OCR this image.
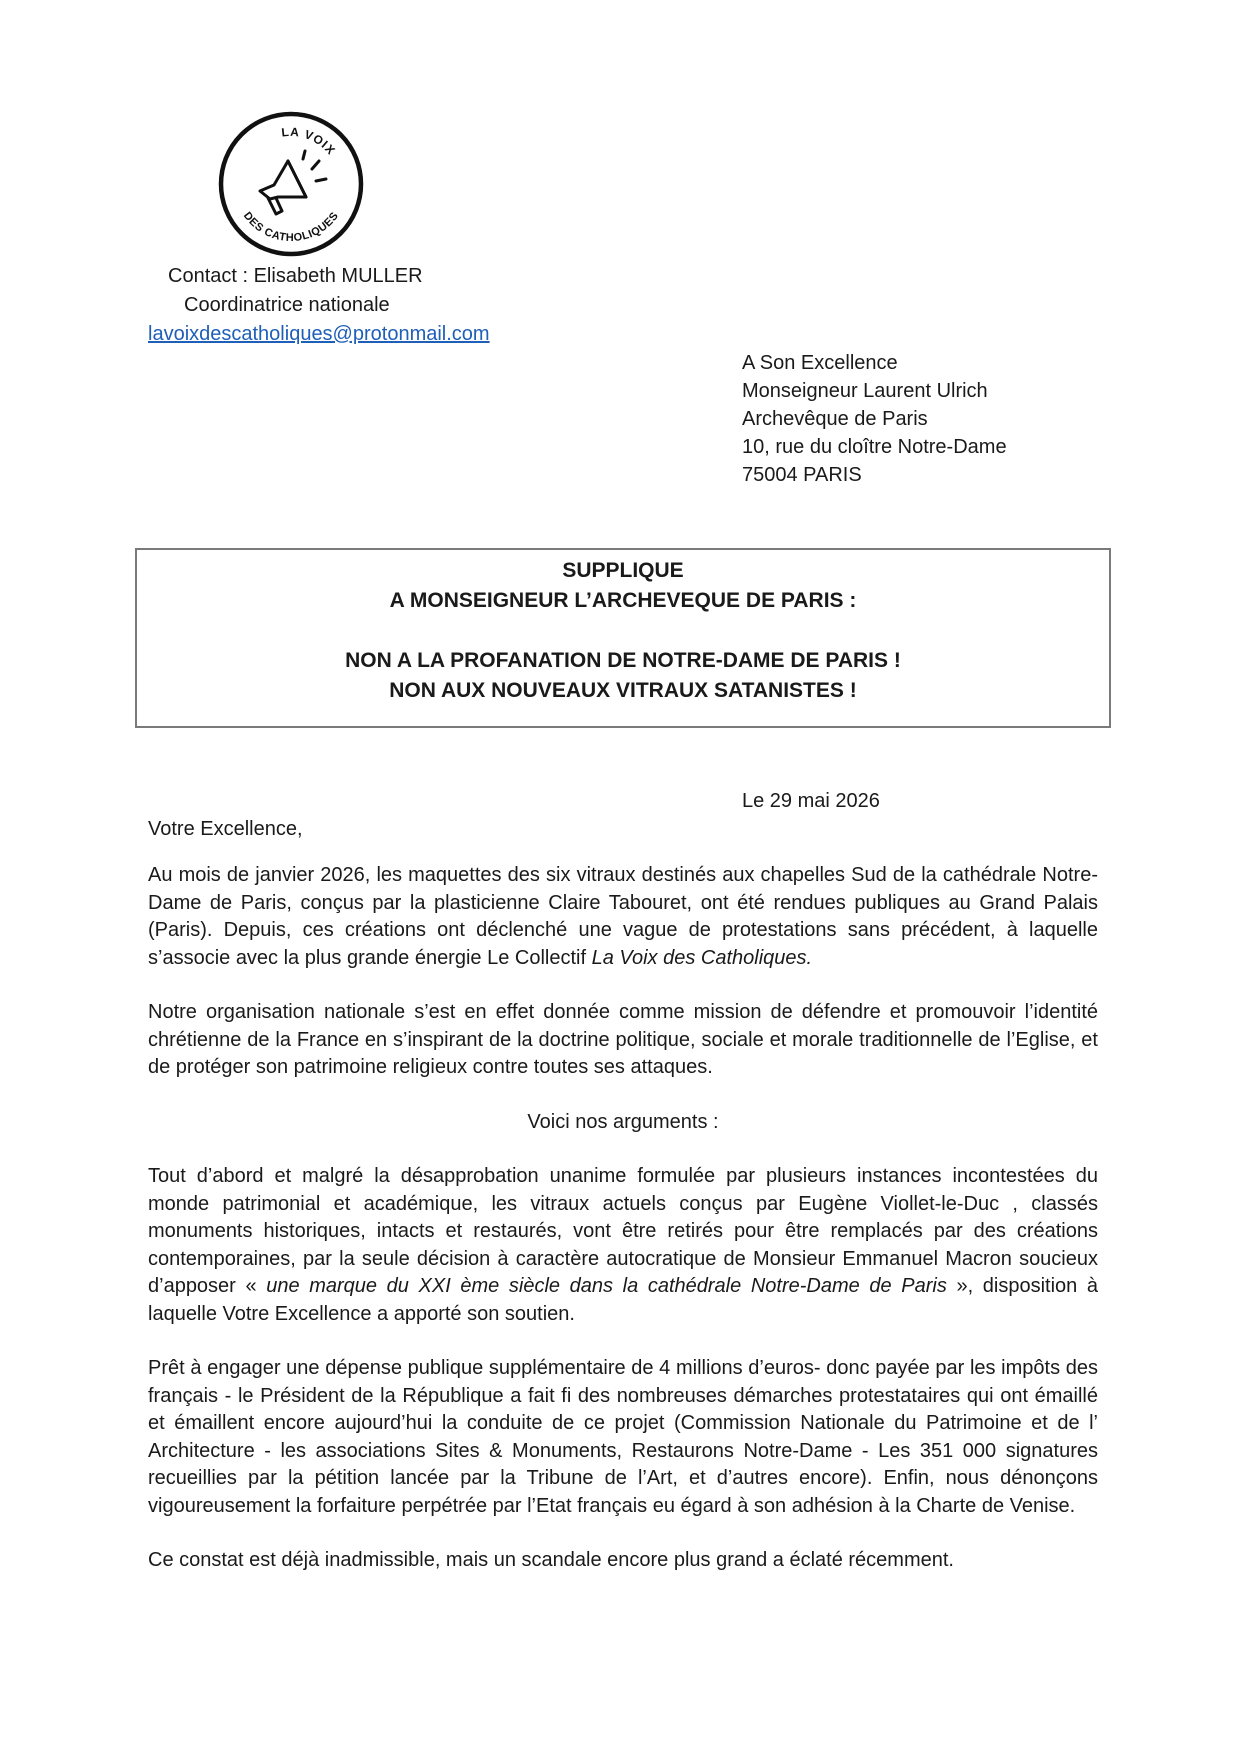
LA VOIX
DES CATHOLIQUES
Contact : Elisabeth MULLER
Coordinatrice nationale
lavoixdescatholiques@protonmail.com
A Son Excellence
Monseigneur Laurent Ulrich
Archevêque de Paris
10, rue du cloître Notre-Dame
75004 PARIS
SUPPLIQUE
A MONSEIGNEUR L’ARCHEVEQUE DE PARIS :
NON A LA PROFANATION DE NOTRE-DAME DE PARIS !
NON AUX NOUVEAUX VITRAUX SATANISTES !
Le 29 mai 2026
Votre Excellence,

Au mois de janvier 2026, les maquettes des six vitraux destinés aux chapelles Sud de la cathédrale Notre-Dame de Paris, conçus par la plasticienne Claire Tabouret, ont été rendues publiques au Grand Palais (Paris). Depuis, ces créations ont déclenché une vague de protestations sans précédent, à laquelle s’associe avec la plus grande énergie Le Collectif La Voix des Catholiques.

Notre organisation nationale s’est en effet donnée comme mission de défendre et promouvoir l’identité chrétienne de la France en s’inspirant de la doctrine politique, sociale et morale traditionnelle de l’Eglise, et de protéger son patrimoine religieux contre toutes ses attaques.

Voici nos arguments :

Tout d’abord et malgré la désapprobation unanime formulée par plusieurs instances incontestées du monde patrimonial et académique, les vitraux actuels conçus par Eugène Viollet-le-Duc , classés monuments historiques, intacts et restaurés, vont être retirés pour être remplacés par des créations contemporaines, par la seule décision à caractère autocratique de Monsieur Emmanuel Macron soucieux d’apposer « une marque du XXI ème siècle dans la cathédrale Notre-Dame de Paris », disposition à laquelle Votre Excellence a apporté son soutien.

Prêt à engager une dépense publique supplémentaire de 4 millions d’euros- donc payée par les impôts des français - le Président de la République a fait fi des nombreuses démarches protestataires qui ont émaillé et émaillent encore aujourd’hui la conduite de ce projet (Commission Nationale du Patrimoine et de l’ Architecture - les associations Sites & Monuments, Restaurons Notre-Dame - Les 351 000 signatures recueillies par la pétition lancée par la Tribune de l’Art, et d’autres encore). Enfin, nous dénonçons vigoureusement la forfaiture perpétrée par l’Etat français eu égard à son adhésion à la Charte de Venise.

Ce constat est déjà inadmissible, mais un scandale encore plus grand a éclaté récemment.
